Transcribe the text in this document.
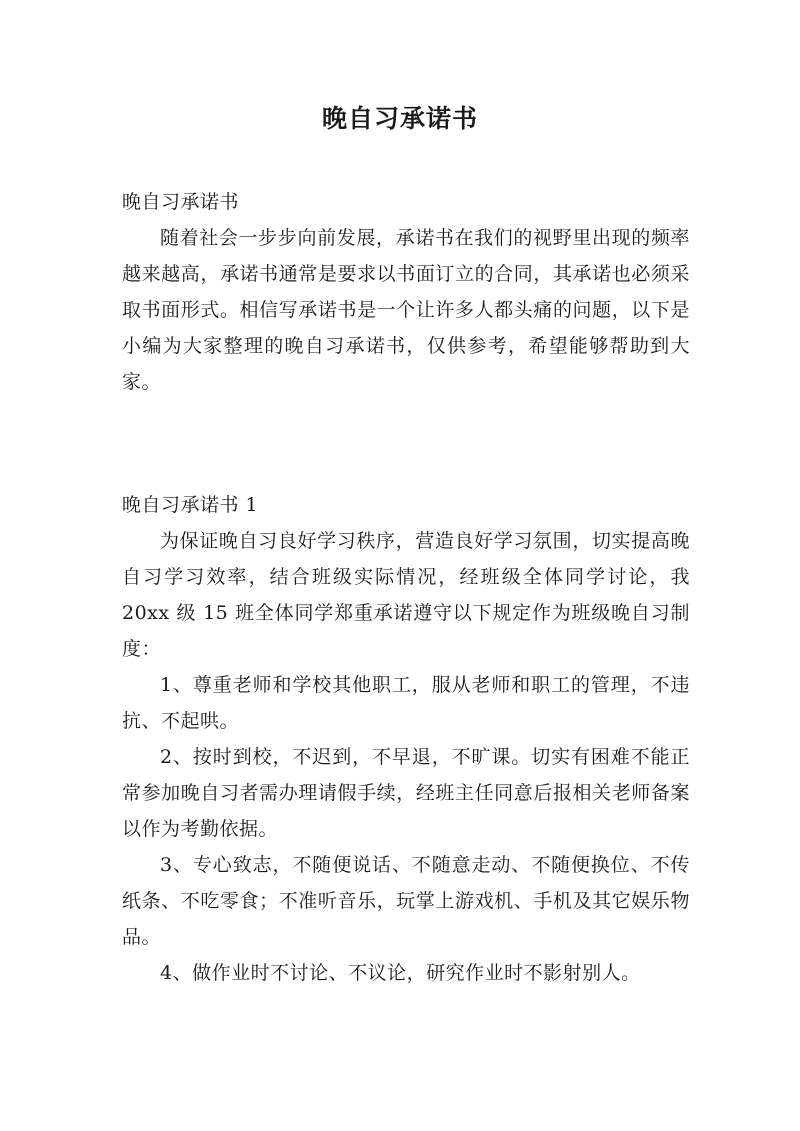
晚自习承诺书

晚自习承诺书

随着社会一步步向前发展，承诺书在我们的视野里出现的频率越来越高，承诺书通常是要求以书面订立的合同，其承诺也必须采取书面形式。相信写承诺书是一个让许多人都头痛的问题，以下是小编为大家整理的晚自习承诺书，仅供参考，希望能够帮助到大家。

晚自习承诺书 1

为保证晚自习良好学习秩序，营造良好学习氛围，切实提高晚自习学习效率，结合班级实际情况，经班级全体同学讨论，我 20xx 级 15 班全体同学郑重承诺遵守以下规定作为班级晚自习制度：

1、尊重老师和学校其他职工，服从老师和职工的管理，不违抗、不起哄。

2、按时到校，不迟到，不早退，不旷课。切实有困难不能正常参加晚自习者需办理请假手续，经班主任同意后报相关老师备案以作为考勤依据。

3、专心致志，不随便说话、不随意走动、不随便换位、不传纸条、不吃零食；不准听音乐，玩掌上游戏机、手机及其它娱乐物品。

4、做作业时不讨论、不议论，研究作业时不影射别人。
